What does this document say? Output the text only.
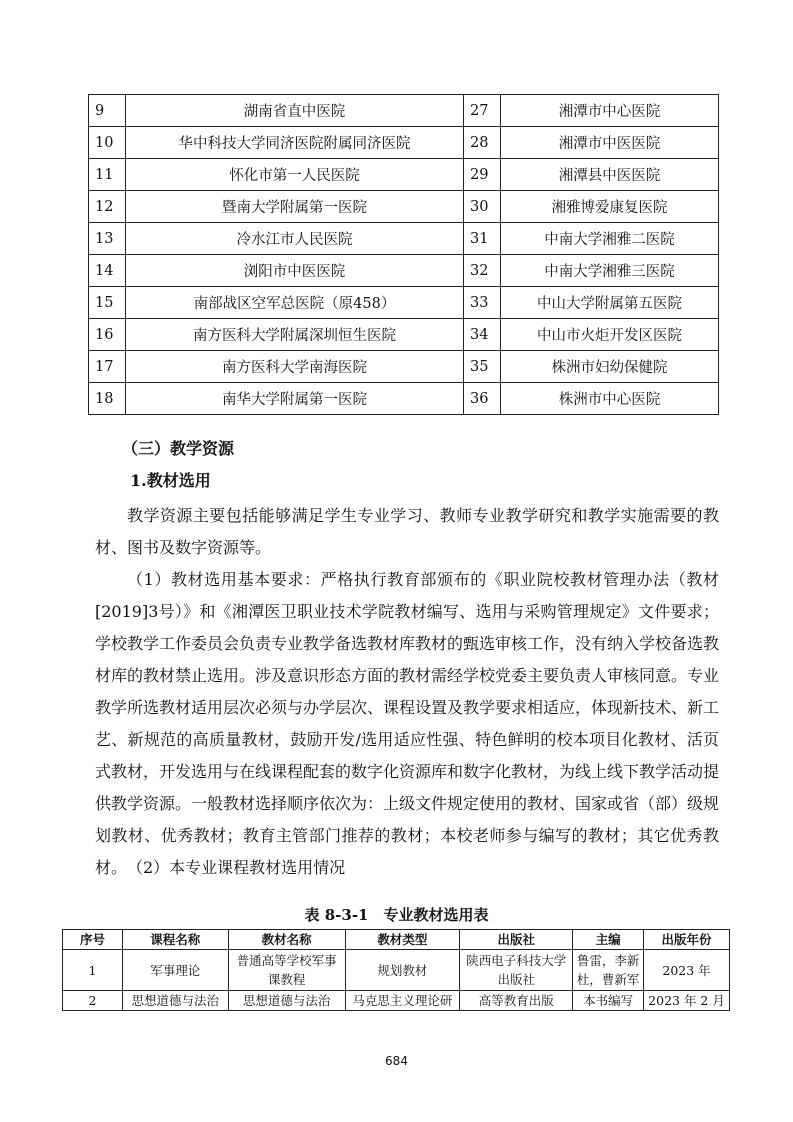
9	湖南省直中医院	27	湘潭市中心医院
10	华中科技大学同济医院附属同济医院	28	湘潭市中医医院
11	怀化市第一人民医院	29	湘潭县中医医院
12	暨南大学附属第一医院	30	湘雅博爱康复医院
13	冷水江市人民医院	31	中南大学湘雅二医院
14	浏阳市中医医院	32	中南大学湘雅三医院
15	南部战区空军总医院（原458）	33	中山大学附属第五医院
16	南方医科大学附属深圳恒生医院	34	中山市火炬开发区医院
17	南方医科大学南海医院	35	株洲市妇幼保健院
18	南华大学附属第一医院	36	株洲市中心医院
（三）教学资源
1.教材选用
教学资源主要包括能够满足学生专业学习、教师专业教学研究和教学实施需要的教材、图书及数字资源等。
（1）教材选用基本要求：严格执行教育部颁布的《职业院校教材管理办法（教材[2019]3号）》和《湘潭医卫职业技术学院教材编写、选用与采购管理规定》文件要求；学校教学工作委员会负责专业教学备选教材库教材的甄选审核工作，没有纳入学校备选教材库的教材禁止选用。涉及意识形态方面的教材需经学校党委主要负责人审核同意。专业教学所选教材适用层次必须与办学层次、课程设置及教学要求相适应，体现新技术、新工艺、新规范的高质量教材，鼓励开发/选用适应性强、特色鲜明的校本项目化教材、活页式教材，开发选用与在线课程配套的数字化资源库和数字化教材，为线上线下教学活动提供教学资源。一般教材选择顺序依次为：上级文件规定使用的教材、国家或省（部）级规划教材、优秀教材；教育主管部门推荐的教材；本校老师参与编写的教材；其它优秀教材。 （2）本专业课程教材选用情况
表 8-3-1　专业教材选用表
序号	课程名称	教材名称	教材类型	出版社	主编	出版年份
1	军事理论	普通高等学校军事课教程	规划教材	陕西电子科技大学出版社	鲁雷，李新杜，曹新军	2023 年
2	思想道德与法治	思想道德与法治	马克思主义理论研	高等教育出版	本书编写	2023 年 2 月
684
